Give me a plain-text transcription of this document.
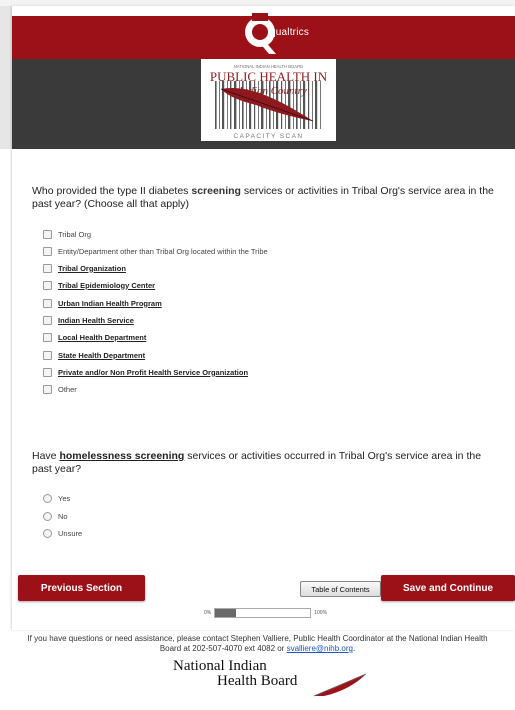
qualtrics
NATIONAL INDIAN HEALTH BOARD
PUBLIC HEALTH IN
Indian Country
CAPACITY SCAN
Who provided the type II diabetes screening services or activities in Tribal Org's service area in the past year? (Choose all that apply)
Tribal Org
Entity/Department other than Tribal Org located within the Tribe
Tribal Organization
Tribal Epidemiology Center
Urban Indian Health Program
Indian Health Service
Local Health Department
State Health Department
Private and/or Non Profit Health Service Organization
Other
Have homelessness screening services or activities occurred in Tribal Org's service area in the past year?
Yes
No
Unsure
Previous Section	Table of Contents	Save and Continue
0%	100%
If you have questions or need assistance, please contact Stephen Valliere, Public Health Coordinator at the National Indian Health Board at 202-507-4070 ext 4082 or svalliere@nihb.org.
National Indian
Health Board
